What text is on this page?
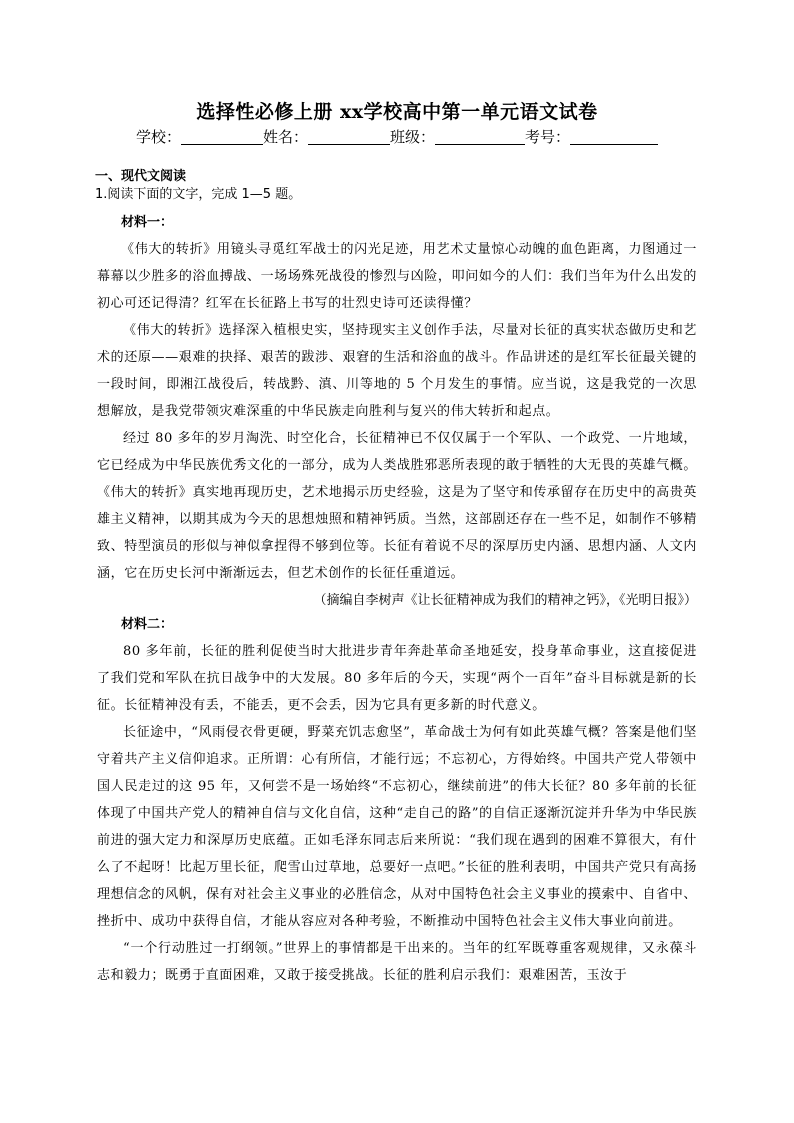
选择性必修上册 xx学校高中第一单元语文试卷
学校：	姓名：	班级：	考号：
一、现代文阅读
1.阅读下面的文字，完成 1—5 题。
材料一：

《伟大的转折》用镜头寻觅红军战士的闪光足迹，用艺术丈量惊心动魄的血色距离，力图通过一幕幕以少胜多的浴血搏战、一场场殊死战役的惨烈与凶险，叩问如今的人们：我们当年为什么出发的初心可还记得清？红军在长征路上书写的壮烈史诗可还读得懂？

《伟大的转折》选择深入植根史实，坚持现实主义创作手法，尽量对长征的真实状态做历史和艺术的还原——艰难的抉择、艰苦的跋涉、艰窘的生活和浴血的战斗。作品讲述的是红军长征最关键的一段时间，即湘江战役后，转战黔、滇、川等地的 5 个月发生的事情。应当说，这是我党的一次思想解放，是我党带领灾难深重的中华民族走向胜利与复兴的伟大转折和起点。

经过 80 多年的岁月淘洗、时空化合，长征精神已不仅仅属于一个军队、一个政党、一片地域，它已经成为中华民族优秀文化的一部分，成为人类战胜邪恶所表现的敢于牺牲的大无畏的英雄气概。《伟大的转折》真实地再现历史，艺术地揭示历史经验，这是为了坚守和传承留存在历史中的高贵英雄主义精神，以期其成为今天的思想烛照和精神钙质。当然，这部剧还存在一些不足，如制作不够精致、特型演员的形似与神似拿捏得不够到位等。长征有着说不尽的深厚历史内涵、思想内涵、人文内涵，它在历史长河中渐渐远去，但艺术创作的长征任重道远。

（摘编自李树声《让长征精神成为我们的精神之钙》，《光明日报》）

材料二：

80 多年前，长征的胜利促使当时大批进步青年奔赴革命圣地延安，投身革命事业，这直接促进了我们党和军队在抗日战争中的大发展。80 多年后的今天，实现“两个一百年”奋斗目标就是新的长征。长征精神没有丢，不能丢，更不会丢，因为它具有更多新的时代意义。

长征途中，“风雨侵衣骨更硬，野菜充饥志愈坚”，革命战士为何有如此英雄气概？答案是他们坚守着共产主义信仰追求。正所谓：心有所信，才能行远；不忘初心，方得始终。中国共产党人带领中国人民走过的这 95 年，又何尝不是一场始终“不忘初心，继续前进”的伟大长征？80 多年前的长征体现了中国共产党人的精神自信与文化自信，这种“走自己的路”的自信正逐渐沉淀并升华为中华民族前进的强大定力和深厚历史底蕴。正如毛泽东同志后来所说：“我们现在遇到的困难不算很大，有什么了不起呀！比起万里长征，爬雪山过草地，总要好一点吧。”长征的胜利表明，中国共产党只有高扬理想信念的风帆，保有对社会主义事业的必胜信念，从对中国特色社会主义事业的摸索中、自省中、挫折中、成功中获得自信，才能从容应对各种考验，不断推动中国特色社会主义伟大事业向前进。

“一个行动胜过一打纲领。”世界上的事情都是干出来的。当年的红军既尊重客观规律，又永葆斗志和毅力；既勇于直面困难，又敢于接受挑战。长征的胜利启示我们：艰难困苦，玉汝于
